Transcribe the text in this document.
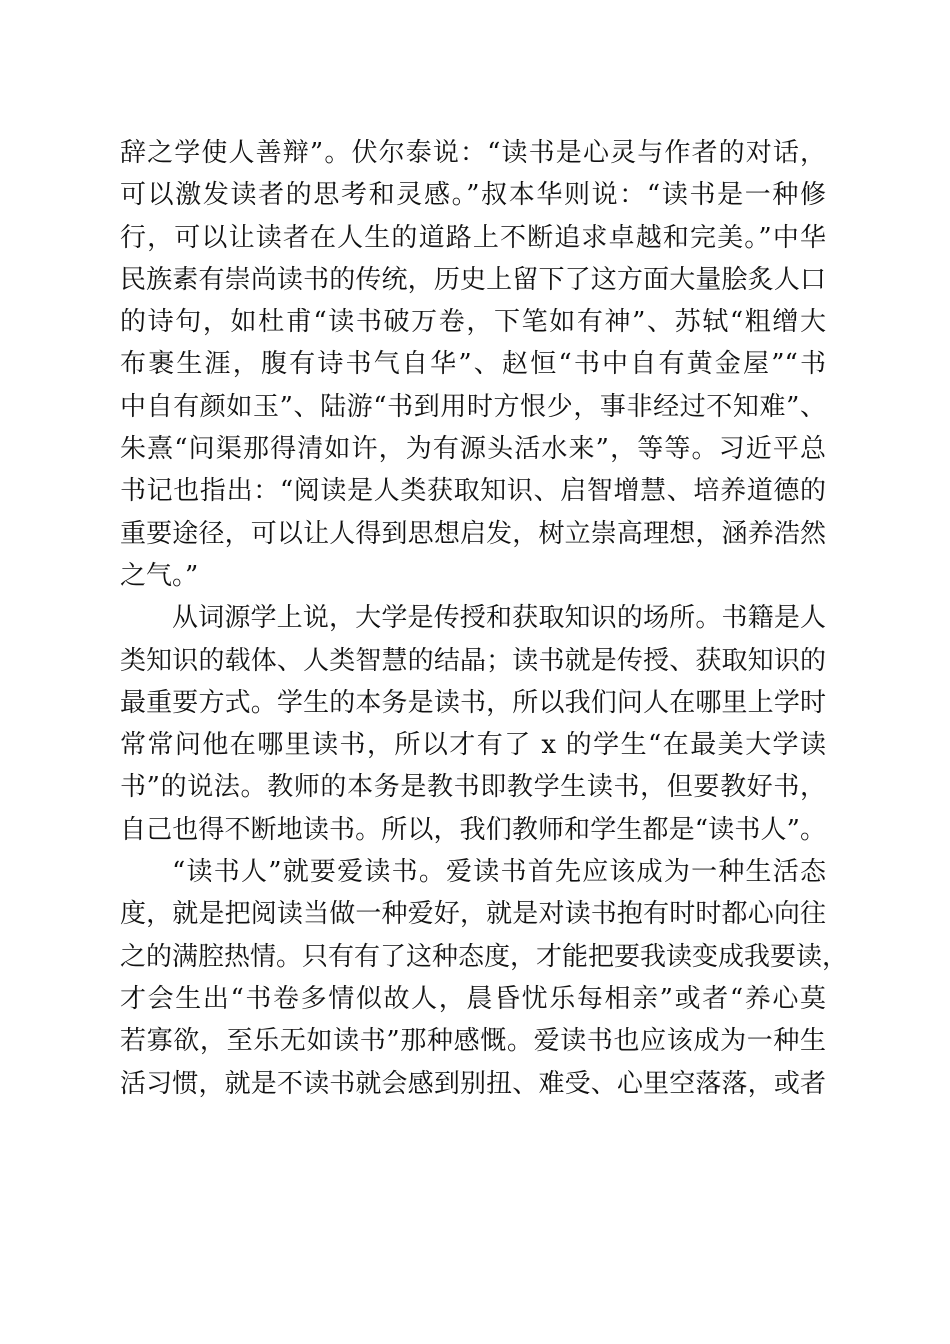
辞之学使人善辩”。伏尔泰说：“读书是心灵与作者的对话，
可以激发读者的思考和灵感。”叔本华则说：“读书是一种修
行，可以让读者在人生的道路上不断追求卓越和完美。”中华
民族素有崇尚读书的传统，历史上留下了这方面大量脍炙人口
的诗句，如杜甫“读书破万卷，下笔如有神”、苏轼“粗缯大
布裹生涯，腹有诗书气自华”、赵恒“书中自有黄金屋”“书
中自有颜如玉”、陆游“书到用时方恨少，事非经过不知难”、
朱熹“问渠那得清如许，为有源头活水来”，等等。习近平总
书记也指出：“阅读是人类获取知识、启智增慧、培养道德的
重要途径，可以让人得到思想启发，树立崇高理想，涵养浩然
之气。”
从词源学上说，大学是传授和获取知识的场所。书籍是人
类知识的载体、人类智慧的结晶；读书就是传授、获取知识的
最重要方式。学生的本务是读书，所以我们问人在哪里上学时
常常问他在哪里读书，所以才有了 x 的学生“在最美大学读
书”的说法。教师的本务是教书即教学生读书，但要教好书，
自己也得不断地读书。所以，我们教师和学生都是“读书人”。
“读书人”就要爱读书。爱读书首先应该成为一种生活态
度，就是把阅读当做一种爱好，就是对读书抱有时时都心向往
之的满腔热情。只有有了这种态度，才能把要我读变成我要读，
才会生出“书卷多情似故人，晨昏忧乐每相亲”或者“养心莫
若寡欲，至乐无如读书”那种感慨。爱读书也应该成为一种生
活习惯，就是不读书就会感到别扭、难受、心里空落落，或者
